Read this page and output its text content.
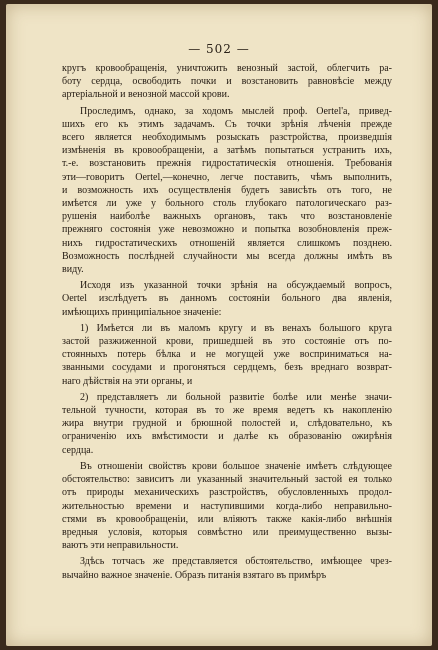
— 502 —
кругъ кровообращенія, уничтожить венозный застой, облегчить ра-
боту сердца, освободить почки и возстановить равновѣсіе между
артеріальной и венозной массой крови.
Проследимъ, однако, за ходомъ мыслей проф. Oertel'а, привед-
шихъ его къ этимъ задачамъ. Съ точки зрѣнія лѣченія прежде
всего является необходимымъ розыскать разстройства, произведшія
измѣненія въ кровообращеніи, а затѣмъ попытаться устранить ихъ,
т.-е. возстановить прежнія гидростатическія отношенія. Требованія
эти—говоритъ Oertel,—конечно, легче поставить, чѣмъ выполнить,
и возможность ихъ осуществленія будетъ зависѣть отъ того, не
имѣется ли уже у больного столь глубокаго патологическаго раз-
рушенія наиболѣе важныхъ органовъ, такъ что возстановленіе
прежняго состоянія уже невозможно и попытка возобновленія преж-
нихъ гидростатическихъ отношеній является слишкомъ позднею.
Возможность послѣдней случайности мы всегда должны имѣть въ
виду.
Исходя изъ указанной точки зрѣнія на обсуждаемый вопросъ,
Oertel изслѣдуетъ въ данномъ состояніи больного два явленія,
имѣющихъ принципіальное значеніе:
1) Имѣется ли въ маломъ кругу и въ венахъ большого круга
застой разжиженной крови, пришедшей въ это состояніе отъ по-
стоянныхъ потерь бѣлка и не могущей уже восприниматься на-
званными сосудами и прогоняться сердцемъ, безъ вреднаго возврат-
наго дѣйствія на эти органы, и
2) представляетъ ли больной развитіе болѣе или менѣе значи-
тельной тучности, которая въ то же время ведетъ къ накопленію
жира внутри грудной и брюшной полостей и, слѣдовательно, къ
ограниченію ихъ вмѣстимости и далѣе къ образованію ожирѣнія
сердца.
Въ отношеніи свойствъ крови большое значеніе имѣетъ слѣдующее
обстоятельство: зависитъ ли указанный значительный застой ея только
отъ природы механическихъ разстройствъ, обусловленныхъ продол-
жительностью времени и наступившими когда-либо неправильно-
стями въ кровообращеніи, или вліяютъ также какія-либо внѣшнія
вредныя условія, которыя совмѣстно или преимущественно вызы-
ваютъ эти неправильности.
Здѣсь тотчасъ же представляется обстоятельство, имѣющее чрез-
вычайно важное значеніе. Образъ питанія взятаго въ примѣръ
